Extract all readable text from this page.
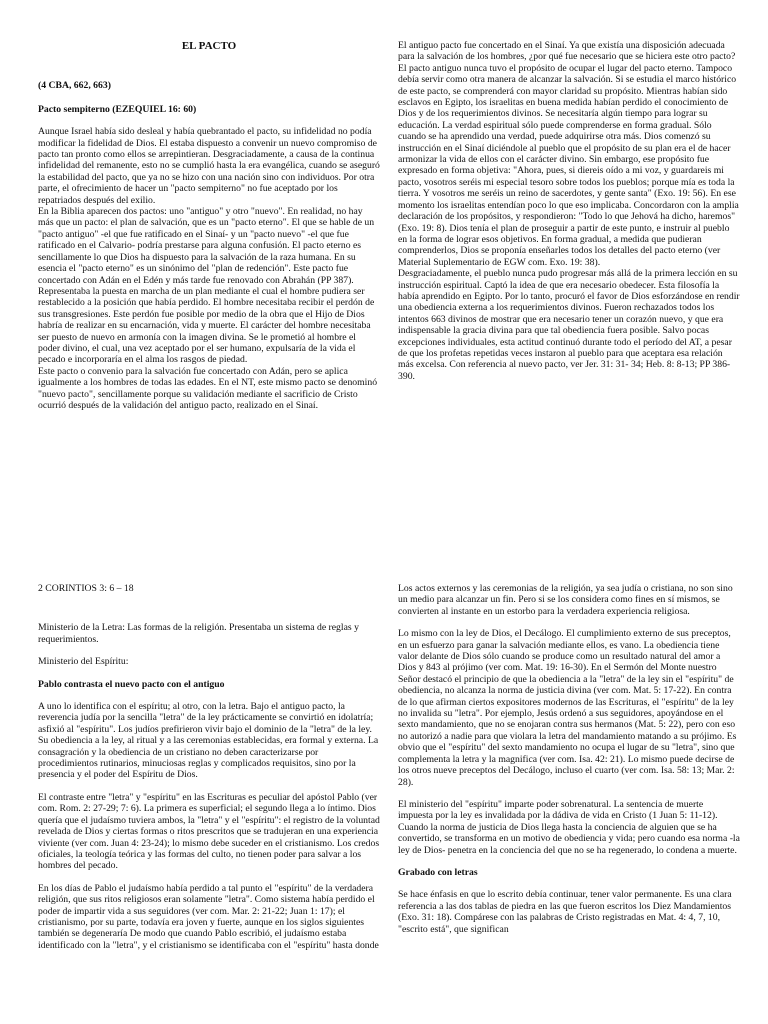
EL PACTO

(4 CBA, 662, 663)

Pacto sempiterno (EZEQUIEL 16: 60)

Aunque Israel había sido desleal y había quebrantado el pacto, su infidelidad no podía modificar la fidelidad de Dios. El estaba dispuesto a convenir un nuevo compromiso de pacto tan pronto como ellos se arrepintieran. Desgraciadamente, a causa de la continua infidelidad del remanente, esto no se cumplió hasta la era evangélica, cuando se aseguró la estabilidad del pacto, que ya no se hizo con una nación sino con individuos. Por otra parte, el ofrecimiento de hacer un "pacto sempiterno" no fue aceptado por los repatriados después del exilio.

En la Biblia aparecen dos pactos: uno "antiguo" y otro "nuevo". En realidad, no hay más que un pacto: el plan de salvación, que es un "pacto eterno". El que se hable de un "pacto antiguo" -el que fue ratificado en el Sinaí- y un "pacto nuevo" -el que fue ratificado en el Calvario- podría prestarse para alguna confusión. El pacto eterno es sencillamente lo que Dios ha dispuesto para la salvación de la raza humana. En su esencia el "pacto eterno" es un sinónimo del "plan de redención". Este pacto fue concertado con Adán en el Edén y más tarde fue renovado con Abrahán (PP 387). Representaba la puesta en marcha de un plan mediante el cual el hombre pudiera ser restablecido a la posición que había perdido. El hombre necesitaba recibir el perdón de sus transgresiones. Este perdón fue posible por medio de la obra que el Hijo de Dios habría de realizar en su encarnación, vida y muerte. El carácter del hombre necesitaba ser puesto de nuevo en armonía con la imagen divina. Se le prometió al hombre el poder divino, el cual, una vez aceptado por el ser humano, expulsaría de la vida el pecado e incorporaría en el alma los rasgos de piedad.

Este pacto o convenio para la salvación fue concertado con Adán, pero se aplica igualmente a los hombres de todas las edades. En el NT, este mismo pacto se denominó "nuevo pacto", sencillamente porque su validación mediante el sacrificio de Cristo ocurrió después de la validación del antiguo pacto, realizado en el Sinaí.

El antiguo pacto fue concertado en el Sinaí. Ya que existía una disposición adecuada para la salvación de los hombres, ¿por qué fue necesario que se hiciera este otro pacto? El pacto antiguo nunca tuvo el propósito de ocupar el lugar del pacto eterno. Tampoco debía servir como otra manera de alcanzar la salvación. Si se estudia el marco histórico de este pacto, se comprenderá con mayor claridad su propósito. Mientras habían sido esclavos en Egipto, los israelitas en buena medida habían perdido el conocimiento de Dios y de los requerimientos divinos. Se necesitaría algún tiempo para lograr su educación. La verdad espiritual sólo puede comprenderse en forma gradual. Sólo cuando se ha aprendido una verdad, puede adquirirse otra más. Dios comenzó su instrucción en el Sinaí diciéndole al pueblo que el propósito de su plan era el de hacer armonizar la vida de ellos con el carácter divino. Sin embargo, ese propósito fue expresado en forma objetiva: "Ahora, pues, si diereis oído a mi voz, y guardareis mi pacto, vosotros seréis mi especial tesoro sobre todos los pueblos; porque mía es toda la tierra. Y vosotros me seréis un reino de sacerdotes, y gente santa" (Exo. 19: 56). En ese momento los israelitas entendían poco lo que eso implicaba. Concordaron con la amplia declaración de los propósitos, y respondieron: "Todo lo que Jehová ha dicho, haremos" (Exo. 19: 8). Dios tenía el plan de proseguir a partir de este punto, e instruir al pueblo en la forma de lograr esos objetivos. En forma gradual, a medida que pudieran comprenderlos, Dios se proponía enseñarles todos los detalles del pacto eterno (ver Material Suplementario de EGW com. Exo. 19: 38).

Desgraciadamente, el pueblo nunca pudo progresar más allá de la primera lección en su instrucción espiritual. Captó la idea de que era necesario obedecer. Esta filosofía la había aprendido en Egipto. Por lo tanto, procuró el favor de Dios esforzándose en rendir una obediencia externa a los requerimientos divinos. Fueron rechazados todos los intentos 663 divinos de mostrar que era necesario tener un corazón nuevo, y que era indispensable la gracia divina para que tal obediencia fuera posible. Salvo pocas excepciones individuales, esta actitud continuó durante todo el período del AT, a pesar de que los profetas repetidas veces instaron al pueblo para que aceptara esa relación más excelsa. Con referencia al nuevo pacto, ver Jer. 31: 31- 34; Heb. 8: 8-13; PP 386-390.

2 CORINTIOS 3: 6 – 18

Ministerio de la Letra: Las formas de la religión. Presentaba un sistema de reglas y requerimientos.

Ministerio del Espíritu:

Pablo contrasta el nuevo pacto con el antiguo

A uno lo identifica con el espíritu; al otro, con la letra. Bajo el antiguo pacto, la reverencia judía por la sencilla "letra" de la ley prácticamente se convirtió en idolatría; asfixió al "espíritu". Los judíos prefirieron vivir bajo el dominio de la "letra" de la ley. Su obediencia a la ley, al ritual y a las ceremonias establecidas, era formal y externa. La consagración y la obediencia de un cristiano no deben caracterizarse por procedimientos rutinarios, minuciosas reglas y complicados requisitos, sino por la presencia y el poder del Espíritu de Dios.

El contraste entre "letra" y "espíritu" en las Escrituras es peculiar del apóstol Pablo (ver com. Rom. 2: 27-29; 7: 6). La primera es superficial; el segundo llega a lo íntimo. Dios quería que el judaísmo tuviera ambos, la "letra" y el "espíritu": el registro de la voluntad revelada de Dios y ciertas formas o ritos prescritos que se tradujeran en una experiencia viviente (ver com. Juan 4: 23-24); lo mismo debe suceder en el cristianismo. Los credos oficiales, la teología teórica y las formas del culto, no tienen poder para salvar a los hombres del pecado.

En los días de Pablo el judaísmo había perdido a tal punto el "espíritu" de la verdadera religión, que sus ritos religiosos eran solamente "letra". Como sistema había perdido el poder de impartir vida a sus seguidores (ver com. Mar. 2: 21-22; Juan 1: 17); el cristianismo, por su parte, todavía era joven y fuerte, aunque en los siglos siguientes también se degeneraría De modo que cuando Pablo escribió, el judaísmo estaba identificado con la "letra", y el cristianismo se identificaba con el "espíritu" hasta donde

Los actos externos y las ceremonias de la religión, ya sea judía o cristiana, no son sino un medio para alcanzar un fin. Pero si se los considera como fines en sí mismos, se convierten al instante en un estorbo para la verdadera experiencia religiosa.

Lo mismo con la ley de Dios, el Decálogo. El cumplimiento externo de sus preceptos, en un esfuerzo para ganar la salvación mediante ellos, es vano. La obediencia tiene valor delante de Dios sólo cuando se produce como un resultado natural del amor a Dios y 843 al prójimo (ver com. Mat. 19: 16-30). En el Sermón del Monte nuestro Señor destacó el principio de que la obediencia a la "letra" de la ley sin el "espíritu" de obediencia, no alcanza la norma de justicia divina (ver com. Mat. 5: 17-22). En contra de lo que afirman ciertos expositores modernos de las Escrituras, el "espíritu" de la ley no invalida su "letra". Por ejemplo, Jesús ordenó a sus seguidores, apoyándose en el sexto mandamiento, que no se enojaran contra sus hermanos (Mat. 5: 22), pero con eso no autorizó a nadie para que violara la letra del mandamiento matando a su prójimo. Es obvio que el "espíritu" del sexto mandamiento no ocupa el lugar de su "letra", sino que complementa la letra y la magnifica (ver com. Isa. 42: 21). Lo mismo puede decirse de los otros nueve preceptos del Decálogo, incluso el cuarto (ver com. Isa. 58: 13; Mar. 2: 28).

El ministerio del "espíritu" imparte poder sobrenatural. La sentencia de muerte impuesta por la ley es invalidada por la dádiva de vida en Cristo (1 Juan 5: 11-12). Cuando la norma de justicia de Dios llega hasta la conciencia de alguien que se ha convertido, se transforma en un motivo de obediencia y vida; pero cuando esa norma -la ley de Dios- penetra en la conciencia del que no se ha regenerado, lo condena a muerte.

Grabado con letras

Se hace énfasis en que lo escrito debía continuar, tener valor permanente. Es una clara referencia a las dos tablas de piedra en las que fueron escritos los Diez Mandamientos (Exo. 31: 18). Compárese con las palabras de Cristo registradas en Mat. 4: 4, 7, 10, "escrito está", que significan
